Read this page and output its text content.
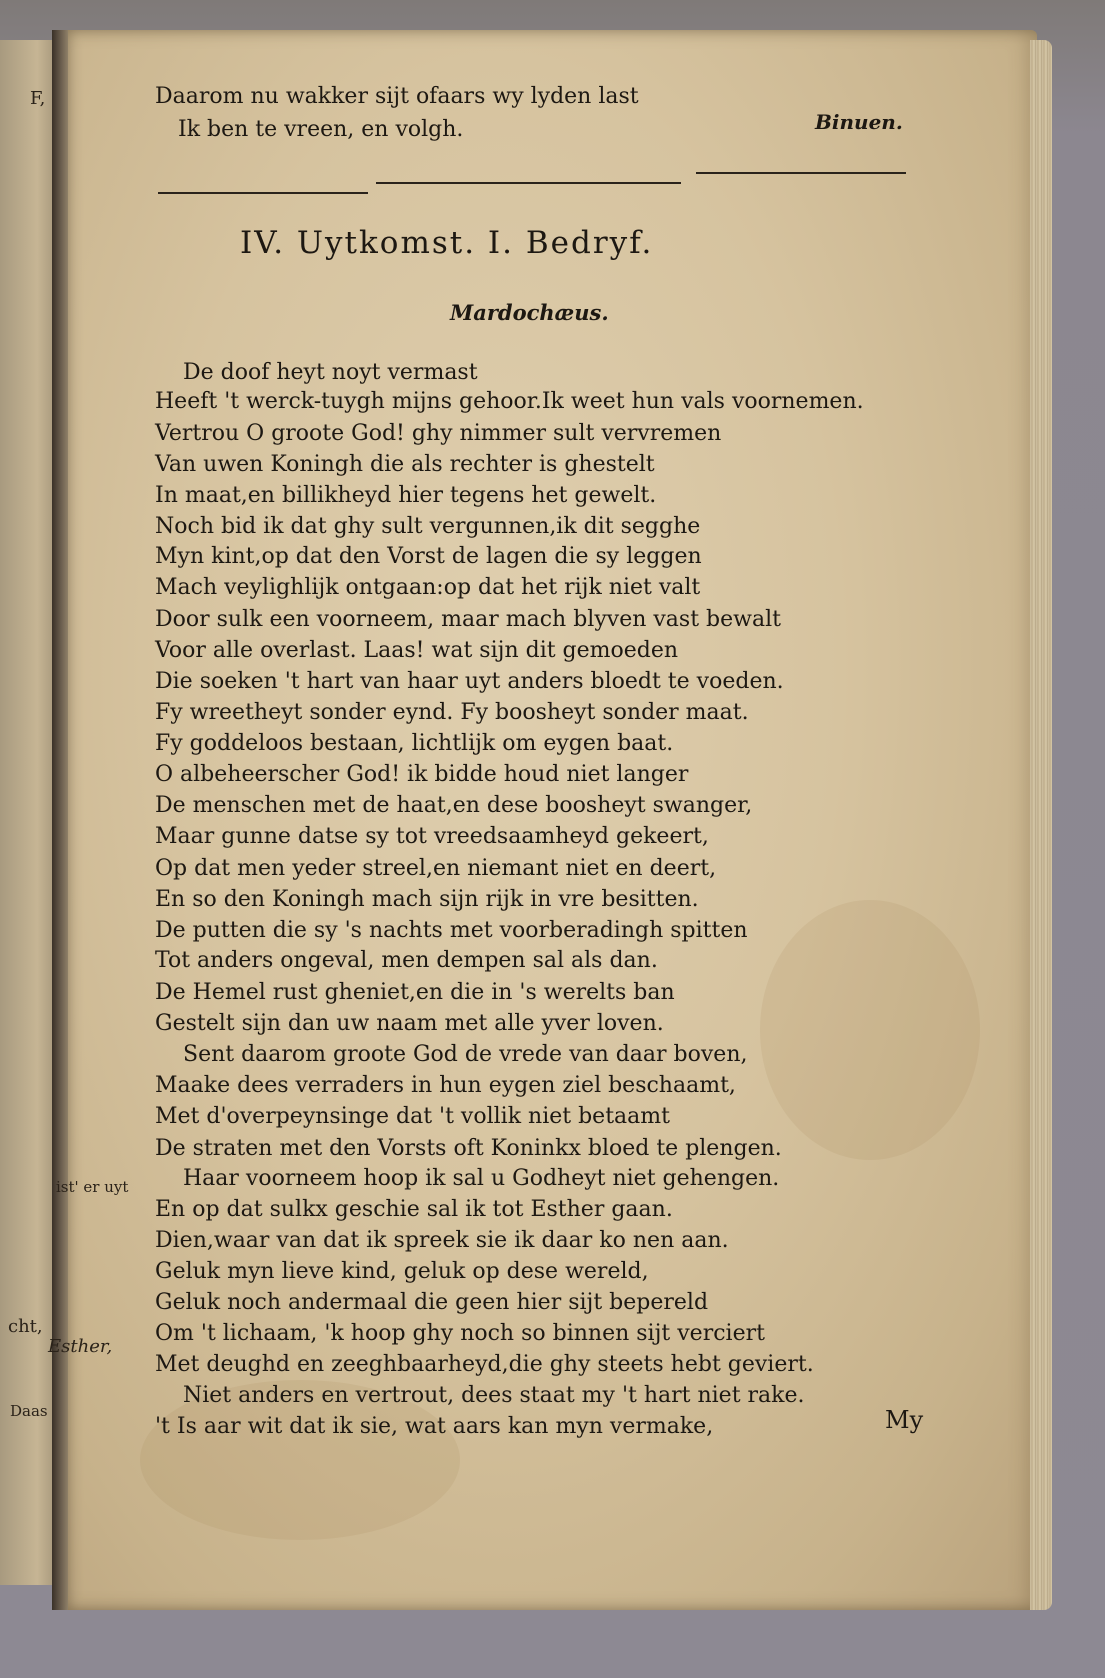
F,
ist' er uyt
cht,
Esther,
Daas
Daarom nu wakker sijt ofaars wy lyden last
Ik ben te vreen, en volgh.	Binuen.
IV. Uytkomst. I. Bedryf.
Mardochæus.
De doof heyt noyt vermast
Heeft 't werck-tuygh mijns gehoor.Ik weet hun vals voornemen.
Vertrou O groote God! ghy nimmer sult vervremen
Van uwen Koningh die als rechter is ghestelt
In maat,en billikheyd hier tegens het gewelt.
Noch bid ik dat ghy sult vergunnen,ik dit segghe
Myn kint,op dat den Vorst de lagen die sy leggen
Mach veylighlijk ontgaan:op dat het rijk niet valt
Door sulk een voorneem, maar mach blyven vast bewalt
Voor alle overlast. Laas! wat sijn dit gemoeden
Die soeken 't hart van haar uyt anders bloedt te voeden.
Fy wreetheyt sonder eynd. Fy boosheyt sonder maat.
Fy goddeloos bestaan, lichtlijk om eygen baat.
O albeheerscher God! ik bidde houd niet langer
De menschen met de haat,en dese boosheyt swanger,
Maar gunne datse sy tot vreedsaamheyd gekeert,
Op dat men yeder streel,en niemant niet en deert,
En so den Koningh mach sijn rijk in vre besitten.
De putten die sy 's nachts met voorberadingh spitten
Tot anders ongeval, men dempen sal als dan.
De Hemel rust gheniet,en die in 's werelts ban
Gestelt sijn dan uw naam met alle yver loven.
Sent daarom groote God de vrede van daar boven,
Maake dees verraders in hun eygen ziel beschaamt,
Met d'overpeynsinge dat 't vollik niet betaamt
De straten met den Vorsts oft Koninkx bloed te plengen.
Haar voorneem hoop ik sal u Godheyt niet gehengen.
En op dat sulkx geschie sal ik tot Esther gaan.
Dien,waar van dat ik spreek sie ik daar ko nen aan.
Geluk myn lieve kind, geluk op dese wereld,
Geluk noch andermaal die geen hier sijt bepereld
Om 't lichaam, 'k hoop ghy noch so binnen sijt verciert
Met deughd en zeeghbaarheyd,die ghy steets hebt geviert.
Niet anders en vertrout, dees staat my 't hart niet rake.
't Is aar wit dat ik sie, wat aars kan myn vermake,	My
